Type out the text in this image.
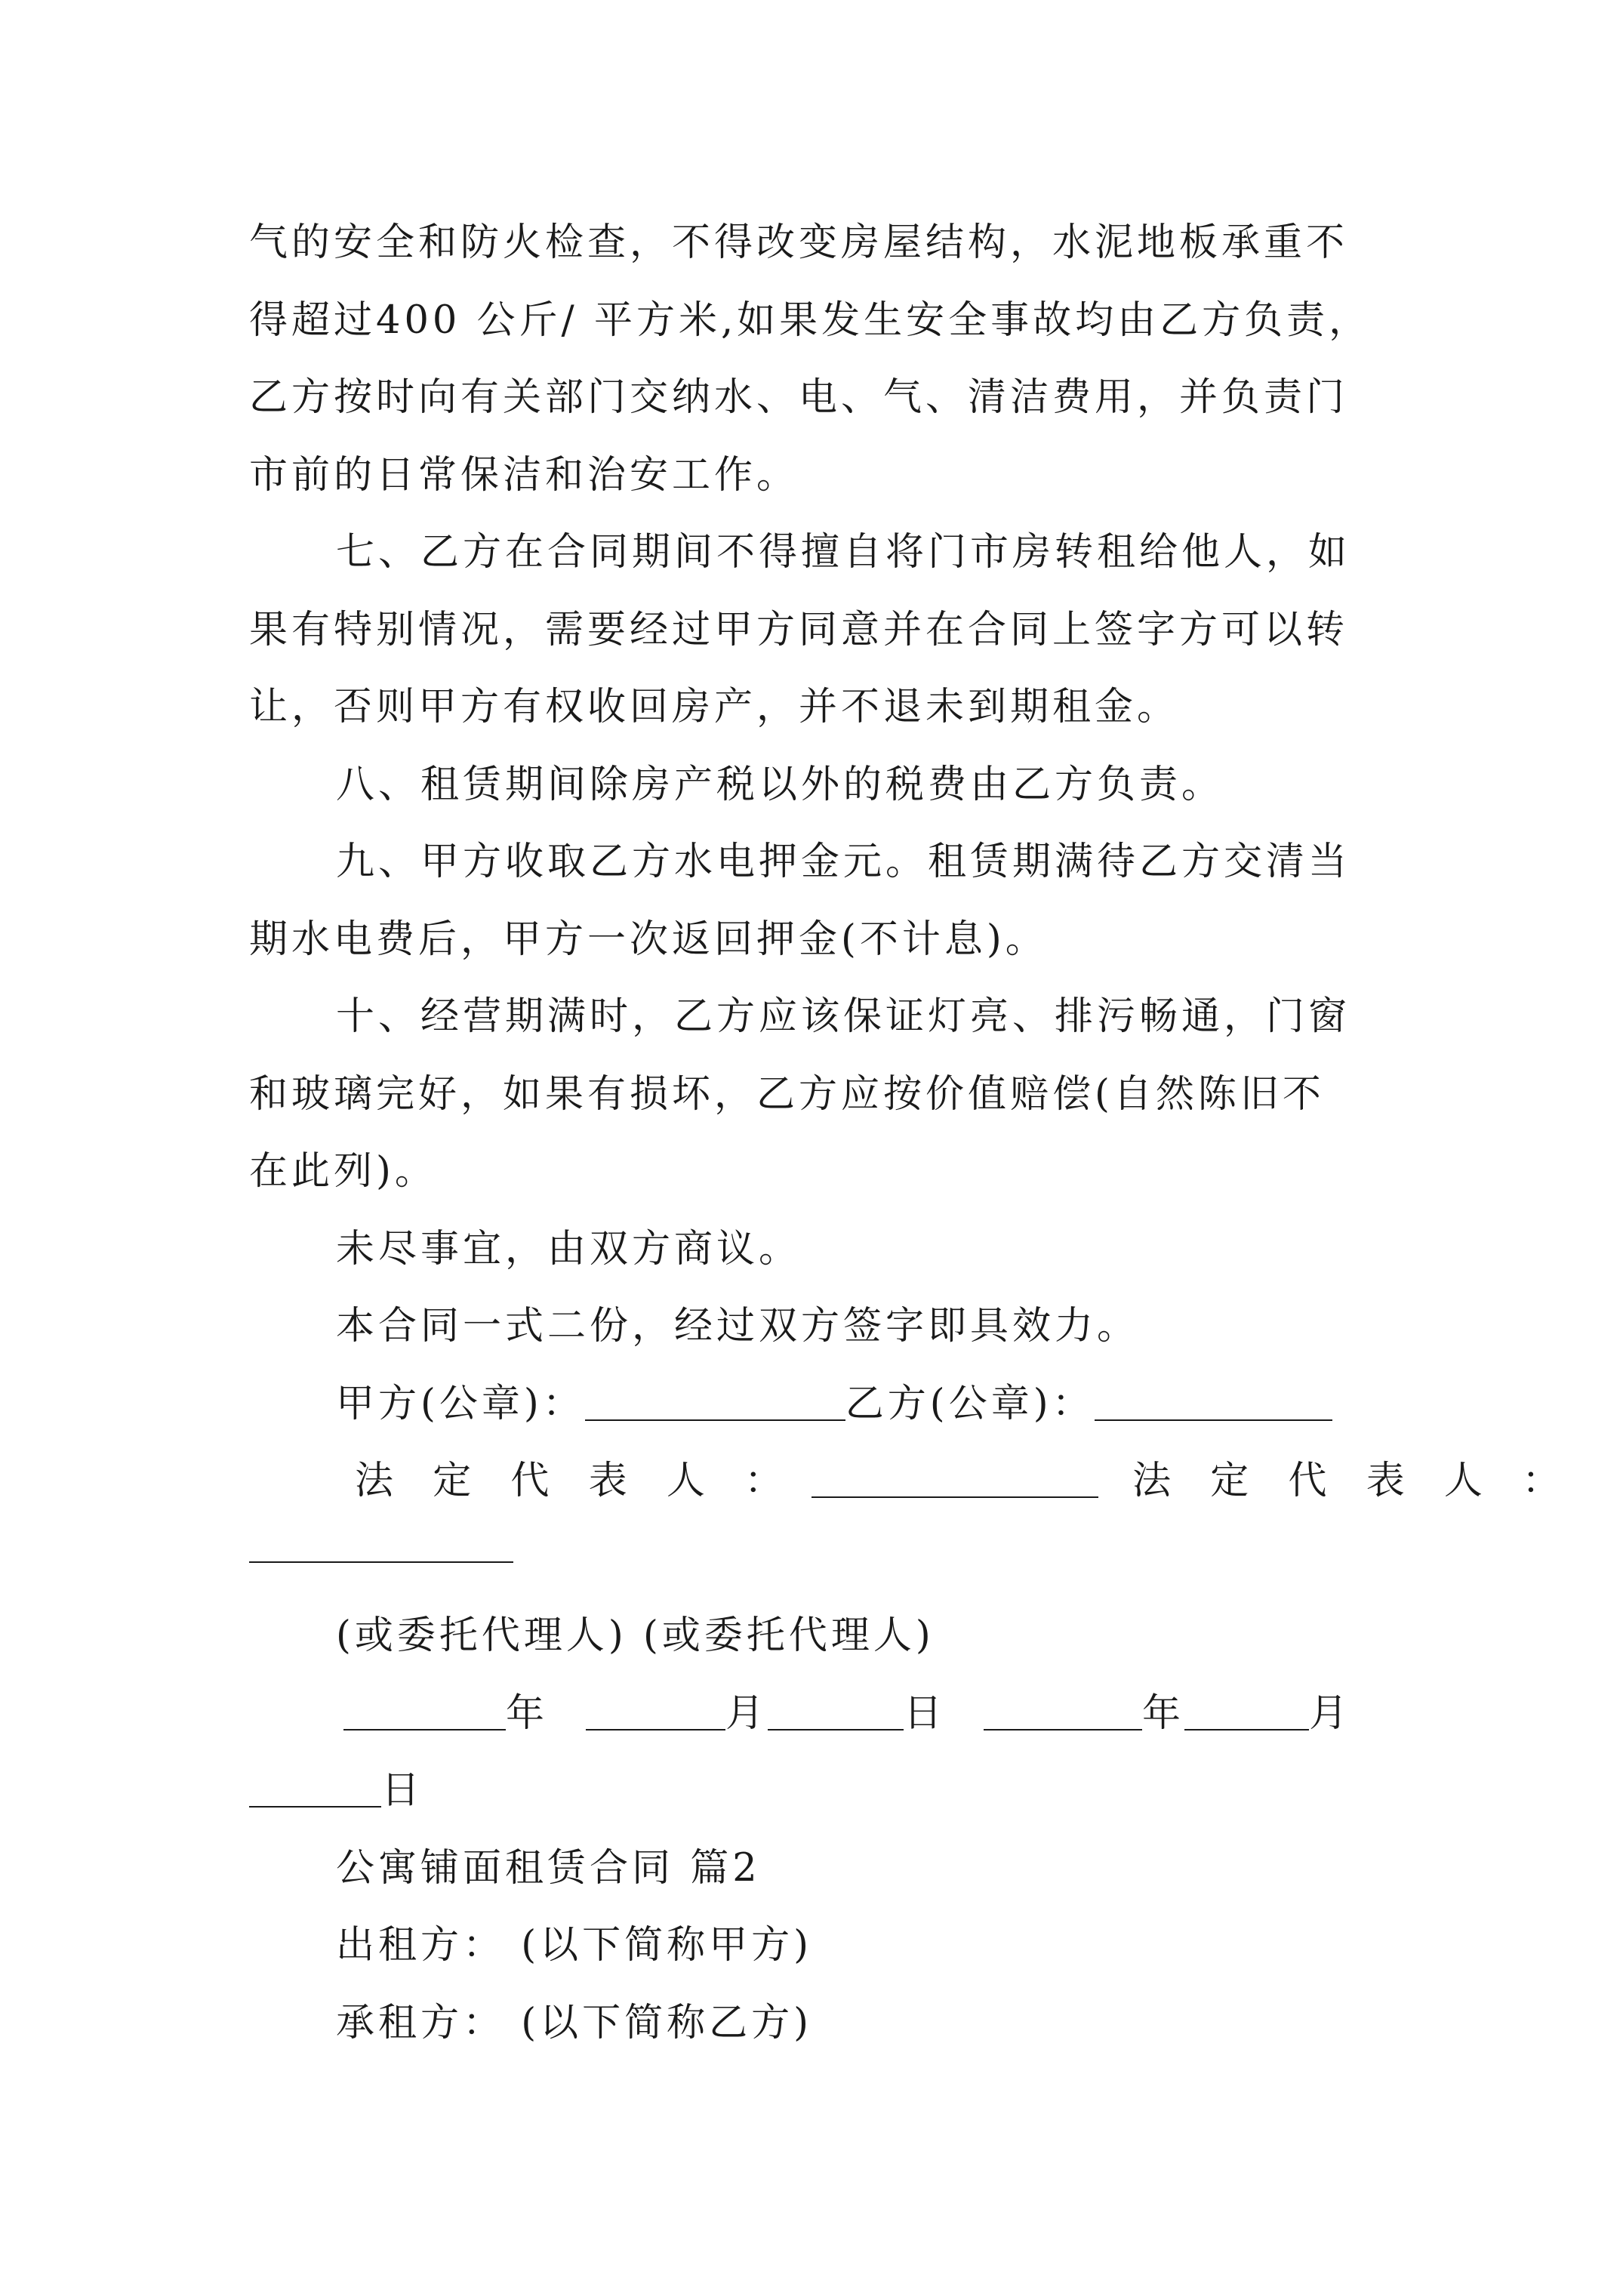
气的安全和防火检查，不得改变房屋结构，水泥地板承重不
得超过400 公斤/ 平方米,如果发生安全事故均由乙方负责，
乙方按时向有关部门交纳水、电、气、清洁费用，并负责门
市前的日常保洁和治安工作。
七、乙方在合同期间不得擅自将门市房转租给他人，如
果有特别情况，需要经过甲方同意并在合同上签字方可以转
让，否则甲方有权收回房产，并不退未到期租金。
八、租赁期间除房产税以外的税费由乙方负责。
九、甲方收取乙方水电押金元。租赁期满待乙方交清当
期水电费后，甲方一次返回押金(不计息)。
十、经营期满时，乙方应该保证灯亮、排污畅通，门窗
和玻璃完好，如果有损坏，乙方应按价值赔偿(自然陈旧不
在此列)。
未尽事宜，由双方商议。
本合同一式二份，经过双方签字即具效力。
甲方(公章)：	乙方(公章)：
法 定 代 表 人 ：	法 定 代 表 人 ：
(或委托代理人) (或委托代理人)
年	月	日	年	月
日
公寓铺面租赁合同 篇2
出租方： (以下简称甲方)
承租方： (以下简称乙方)
